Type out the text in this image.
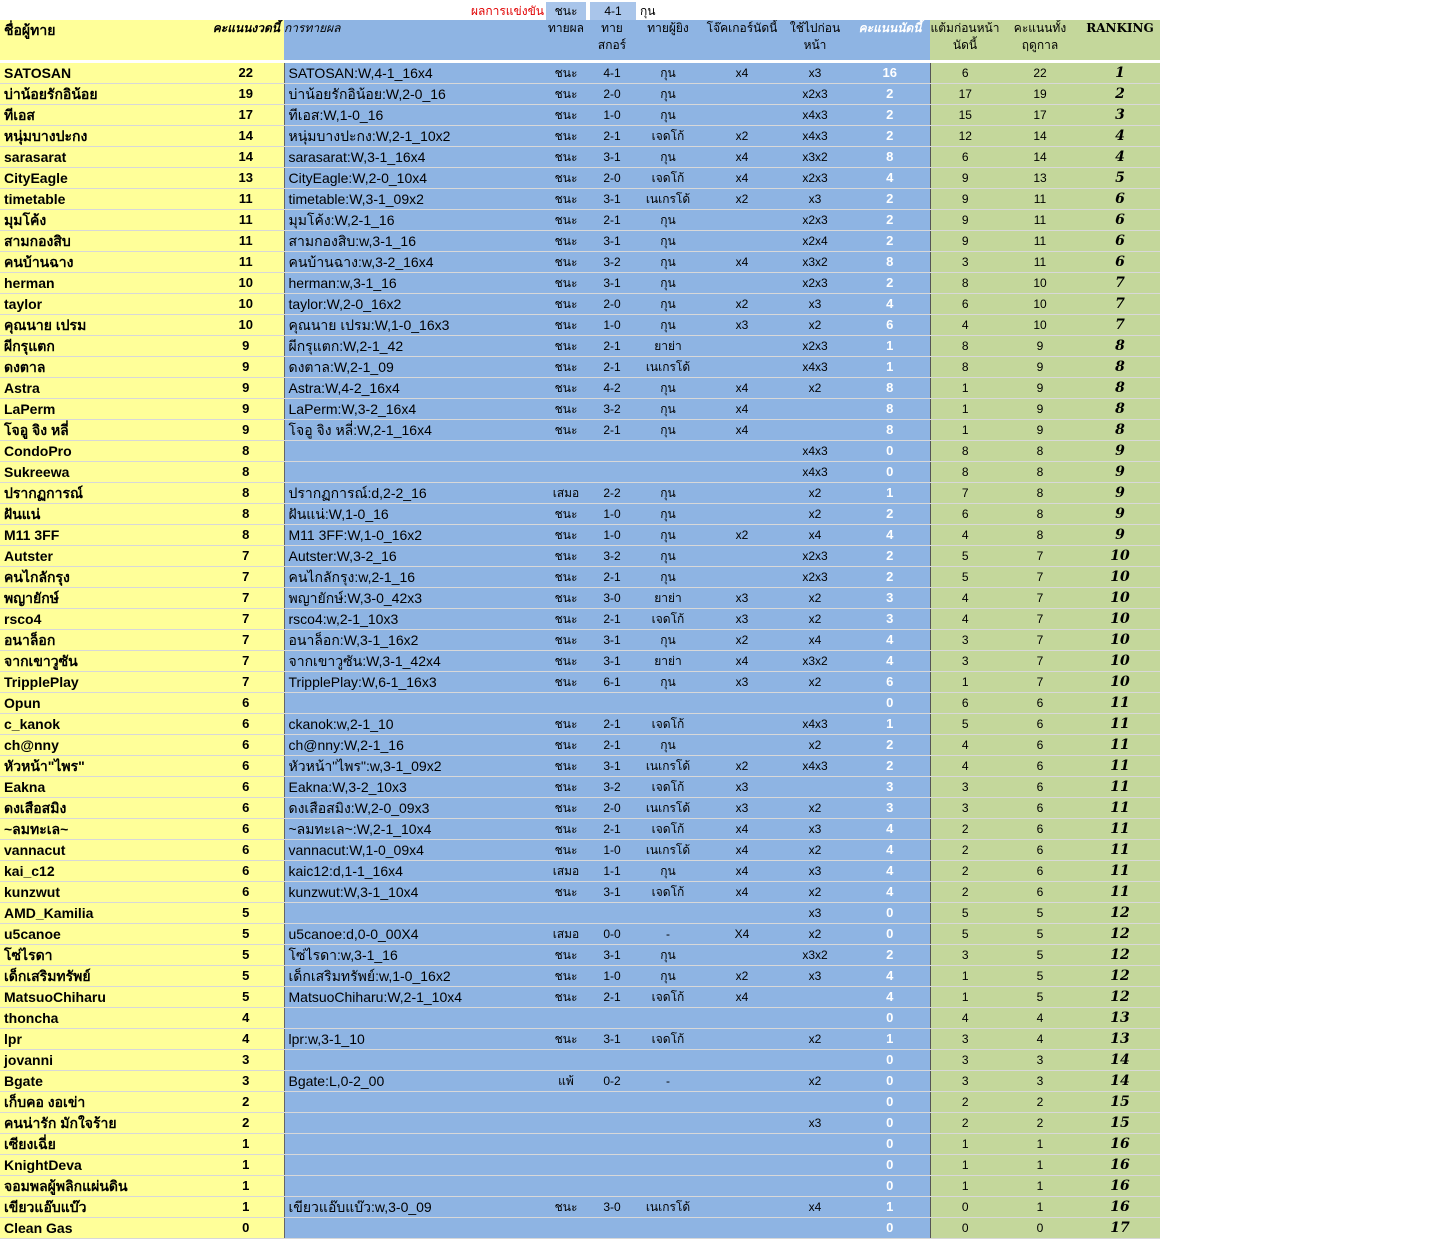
ผลการแข่งขัน ชนะ	4-1	กุน
ชื่อผู้ทาย	คะแนนงวดนี้	การทายผล	ทายผล	ทาย สกอร์	ทายผู้ยิง	โจ๊คเกอร์นัดนี้	ใช้ไปก่อนหน้า	คะแนนนัดนี้	แต้มก่อนหน้านัดนี้	คะแนนทั้งฤดูกาล	RANKING

SATOSAN	22	SATOSAN:W,4-1_16x4	ชนะ	4-1	กุน	x4	x3	16	6	22	1
บ่าน้อยรักอิน้อย	19	บ่าน้อยรักอิน้อย:W,2-0_16	ชนะ	2-0	กุน		x2x3	2	17	19	2
ทีเอส	17	ทีเอส:W,1-0_16	ชนะ	1-0	กุน		x4x3	2	15	17	3
หนุ่มบางปะกง	14	หนุ่มบางปะกง:W,2-1_10x2	ชนะ	2-1	เจดโก้	x2	x4x3	2	12	14	4
sarasarat	14	sarasarat:W,3-1_16x4	ชนะ	3-1	กุน	x4	x3x2	8	6	14	4
CityEagle	13	CityEagle:W,2-0_10x4	ชนะ	2-0	เจดโก้	x4	x2x3	4	9	13	5
timetable	11	timetable:W,3-1_09x2	ชนะ	3-1	เนเกรโด้	x2	x3	2	9	11	6
มุมโค้ง	11	มุมโค้ง:W,2-1_16	ชนะ	2-1	กุน		x2x3	2	9	11	6
สามกองสิบ	11	สามกองสิบ:w,3-1_16	ชนะ	3-1	กุน		x2x4	2	9	11	6
คนบ้านฉาง	11	คนบ้านฉาง:w,3-2_16x4	ชนะ	3-2	กุน	x4	x3x2	8	3	11	6
herman	10	herman:w,3-1_16	ชนะ	3-1	กุน		x2x3	2	8	10	7
taylor	10	taylor:W,2-0_16x2	ชนะ	2-0	กุน	x2	x3	4	6	10	7
คุณนาย เปรม	10	คุณนาย เปรม:W,1-0_16x3	ชนะ	1-0	กุน	x3	x2	6	4	10	7
ผีกรุแตก	9	ผีกรุแตก:W,2-1_42	ชนะ	2-1	ยาย่า		x2x3	1	8	9	8
ดงตาล	9	ดงตาล:W,2-1_09	ชนะ	2-1	เนเกรโด้		x4x3	1	8	9	8
Astra	9	Astra:W,4-2_16x4	ชนะ	4-2	กุน	x4	x2	8	1	9	8
LaPerm	9	LaPerm:W,3-2_16x4	ชนะ	3-2	กุน	x4		8	1	9	8
โจอู จิง หลี่	9	โจอู จิง หลี่:W,2-1_16x4	ชนะ	2-1	กุน	x4		8	1	9	8
CondoPro	8						x4x3	0	8	8	9
Sukreewa	8						x4x3	0	8	8	9
ปรากฏการณ์	8	ปรากฏการณ์:d,2-2_16	เสมอ	2-2	กุน		x2	1	7	8	9
ฝันแน่	8	ฝันแน่:W,1-0_16	ชนะ	1-0	กุน		x2	2	6	8	9
M11 3FF	8	M11 3FF:W,1-0_16x2	ชนะ	1-0	กุน	x2	x4	4	4	8	9
Autster	7	Autster:W,3-2_16	ชนะ	3-2	กุน		x2x3	2	5	7	10
คนไกลักรุง	7	คนไกลักรุง:w,2-1_16	ชนะ	2-1	กุน		x2x3	2	5	7	10
พญายักษ์	7	พญายักษ์:W,3-0_42x3	ชนะ	3-0	ยาย่า	x3	x2	3	4	7	10
rsco4	7	rsco4:w,2-1_10x3	ชนะ	2-1	เจดโก้	x3	x2	3	4	7	10
อนาล็อก	7	อนาล็อก:W,3-1_16x2	ชนะ	3-1	กุน	x2	x4	4	3	7	10
จากเขาวูซัน	7	จากเขาวูซัน:W,3-1_42x4	ชนะ	3-1	ยาย่า	x4	x3x2	4	3	7	10
TripplePlay	7	TripplePlay:W,6-1_16x3	ชนะ	6-1	กุน	x3	x2	6	1	7	10
Opun	6							0	6	6	11
c_kanok	6	ckanok:w,2-1_10	ชนะ	2-1	เจดโก้		x4x3	1	5	6	11
ch@nny	6	ch@nny:W,2-1_16	ชนะ	2-1	กุน		x2	2	4	6	11
หัวหน้า"ไพร"	6	หัวหน้า"ไพร":w,3-1_09x2	ชนะ	3-1	เนเกรโด้	x2	x4x3	2	4	6	11
Eakna	6	Eakna:W,3-2_10x3	ชนะ	3-2	เจดโก้	x3		3	3	6	11
ดงเสือสมิง	6	ดงเสือสมิง:W,2-0_09x3	ชนะ	2-0	เนเกรโด้	x3	x2	3	3	6	11
~ลมทะเล~	6	~ลมทะเล~:W,2-1_10x4	ชนะ	2-1	เจดโก้	x4	x3	4	2	6	11
vannacut	6	vannacut:W,1-0_09x4	ชนะ	1-0	เนเกรโด้	x4	x2	4	2	6	11
kai_c12	6	kaic12:d,1-1_16x4	เสมอ	1-1	กุน	x4	x3	4	2	6	11
kunzwut	6	kunzwut:W,3-1_10x4	ชนะ	3-1	เจดโก้	x4	x2	4	2	6	11
AMD_Kamilia	5						x3	0	5	5	12
u5canoe	5	u5canoe:d,0-0_00X4	เสมอ	0-0	-	X4	x2	0	5	5	12
โซ่ไรดา	5	โซ่ไรดา:w,3-1_16	ชนะ	3-1	กุน		x3x2	2	3	5	12
เด็กเสริมทรัพย์	5	เด็กเสริมทรัพย์:w,1-0_16x2	ชนะ	1-0	กุน	x2	x3	4	1	5	12
MatsuoChiharu	5	MatsuoChiharu:W,2-1_10x4	ชนะ	2-1	เจดโก้	x4		4	1	5	12
thoncha	4							0	4	4	13
lpr	4	lpr:w,3-1_10	ชนะ	3-1	เจดโก้		x2	1	3	4	13
jovanni	3							0	3	3	14
Bgate	3	Bgate:L,0-2_00	แพ้	0-2	-		x2	0	3	3	14
เก็บคอ งอเข่า	2							0	2	2	15
คนน่ารัก มักใจร้าย	2						x3	0	2	2	15
เซียงเฉี่ย	1							0	1	1	16
KnightDeva	1							0	1	1	16
จอมพลผู้พลิกแผ่นดิน	1							0	1	1	16
เขียวแอ๊บแบ๊ว	1	เขียวแอ๊บแบ๊ว:w,3-0_09	ชนะ	3-0	เนเกรโด้		x4	1	0	1	16
Clean Gas	0							0	0	0	17
